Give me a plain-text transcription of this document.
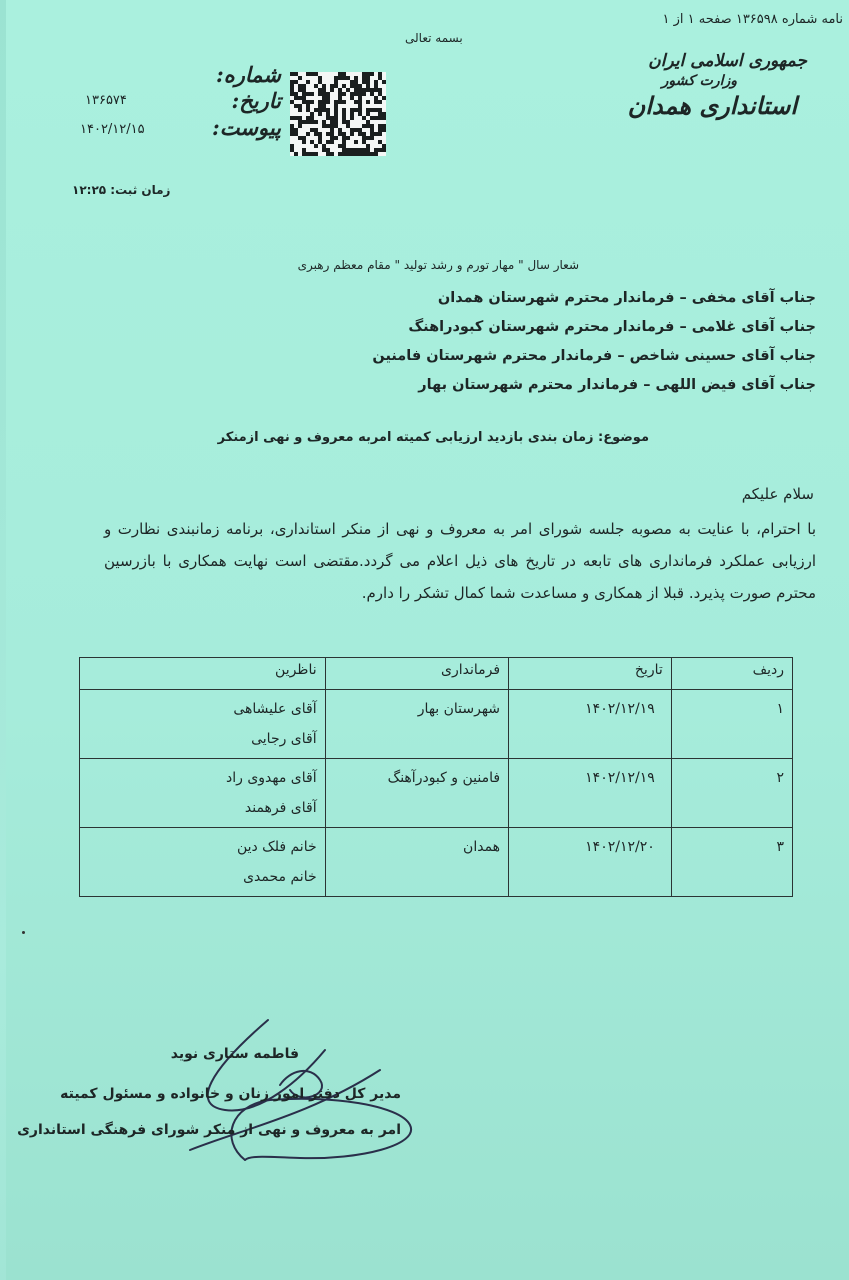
نامه شماره ۱۳۶۵۹۸ صفحه ۱ از ۱
بسمه تعالی
جمهوری اسلامی ایران
وزارت کشور
استانداری همدان
شماره:
تاریخ:
پیوست:
۱۳۶۵۷۴
۱۴۰۲/۱۲/۱۵
زمان ثبت: ۱۲:۲۵
شعار سال " مهار تورم و رشد تولید " مقام معظم رهبری
جناب آقای مخفی – فرماندار محترم شهرستان همدان
جناب آقای غلامی – فرماندار محترم شهرستان کبودراهنگ
جناب آقای حسینی شاخص – فرماندار محترم شهرستان فامنین
جناب آقای فیض اللهی – فرماندار محترم شهرستان بهار
موضوع: زمان بندی بازدید ارزیابی کمیته امربه معروف و نهی ازمنکر
سلام علیکم
با احترام، با عنایت به مصوبه جلسه شورای امر به معروف و نهی از منکر استانداری، برنامه زمانبندی نظارت و ارزیابی عملکرد فرمانداری های تابعه در تاریخ های ذیل اعلام می گردد.مقتضی است نهایت همکاری با بازرسین محترم صورت پذیرد. قبلا از همکاری و مساعدت شما کمال تشکر را دارم.
ردیف	تاریخ	فرمانداری	ناظرین
۱	۱۴۰۲/۱۲/۱۹	شهرستان بهار	آقای علیشاهی
آقای رجایی

۲	۱۴۰۲/۱۲/۱۹	فامنین و کبودرآهنگ	آقای مهدوی راد
آقای فرهمند

۳	۱۴۰۲/۱۲/۲۰	همدان	خانم فلک دین
خانم محمدی
فاطمه ستاری نوید
مدیر کل دفتر امور زنان و خانواده و مسئول کمیته
امر به معروف و نهی از منکر شورای فرهنگی استانداری
